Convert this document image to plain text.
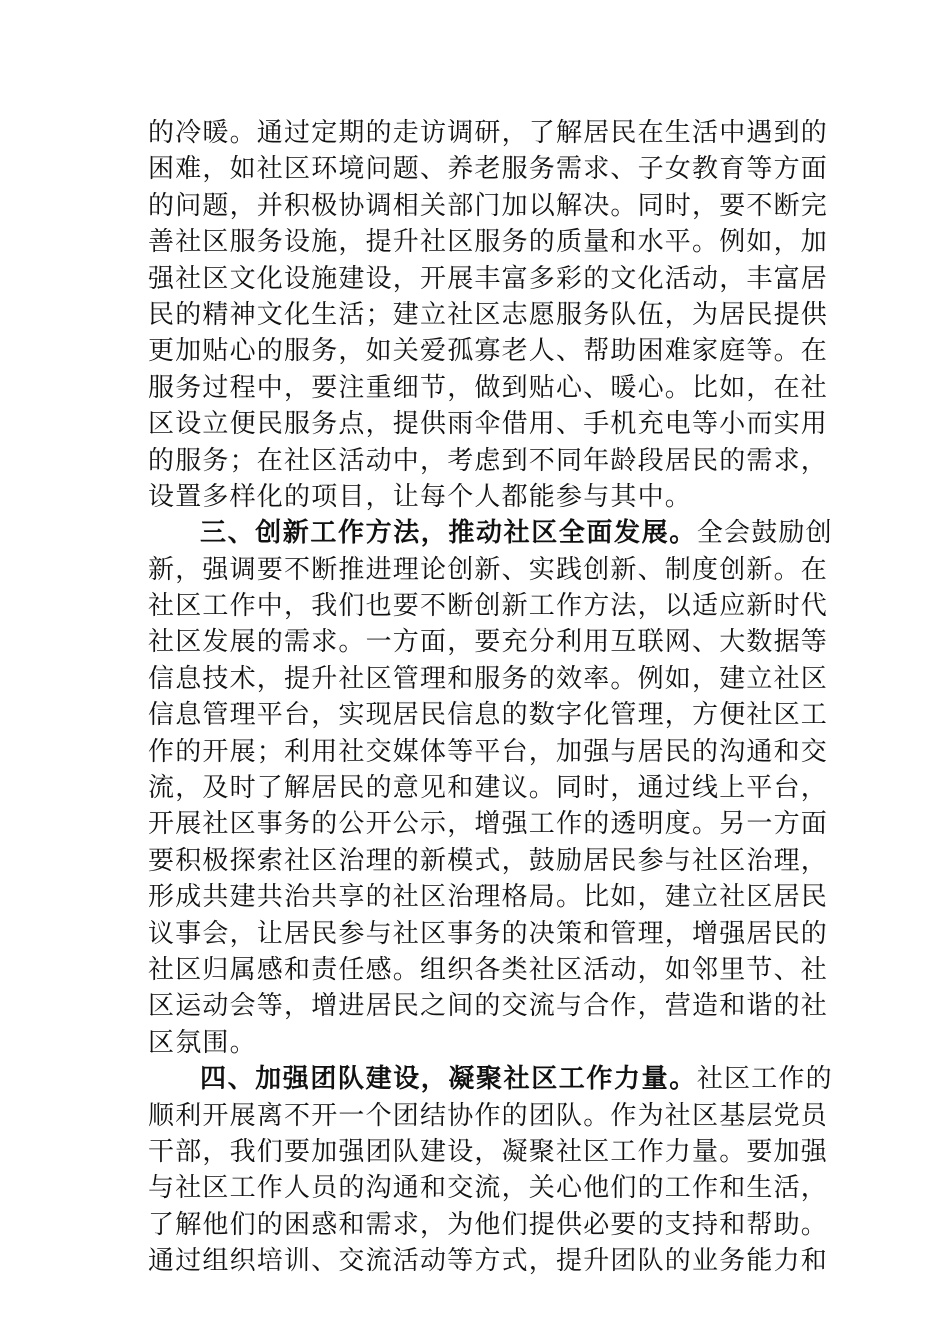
的冷暖。通过定期的走访调研，了解居民在生活中遇到的
困难，如社区环境问题、养老服务需求、子女教育等方面
的问题，并积极协调相关部门加以解决。同时，要不断完
善社区服务设施，提升社区服务的质量和水平。例如，加
强社区文化设施建设，开展丰富多彩的文化活动，丰富居
民的精神文化生活；建立社区志愿服务队伍，为居民提供
更加贴心的服务，如关爱孤寡老人、帮助困难家庭等。在
服务过程中，要注重细节，做到贴心、暖心。比如，在社
区设立便民服务点，提供雨伞借用、手机充电等小而实用
的服务；在社区活动中，考虑到不同年龄段居民的需求，
设置多样化的项目，让每个人都能参与其中。
三、创新工作方法，推动社区全面发展。全会鼓励创
新，强调要不断推进理论创新、实践创新、制度创新。在
社区工作中，我们也要不断创新工作方法，以适应新时代
社区发展的需求。一方面，要充分利用互联网、大数据等
信息技术，提升社区管理和服务的效率。例如，建立社区
信息管理平台，实现居民信息的数字化管理，方便社区工
作的开展；利用社交媒体等平台，加强与居民的沟通和交
流，及时了解居民的意见和建议。同时，通过线上平台，
开展社区事务的公开公示，增强工作的透明度。另一方面
要积极探索社区治理的新模式，鼓励居民参与社区治理，
形成共建共治共享的社区治理格局。比如，建立社区居民
议事会，让居民参与社区事务的决策和管理，增强居民的
社区归属感和责任感。组织各类社区活动，如邻里节、社
区运动会等，增进居民之间的交流与合作，营造和谐的社
区氛围。
四、加强团队建设，凝聚社区工作力量。社区工作的
顺利开展离不开一个团结协作的团队。作为社区基层党员
干部，我们要加强团队建设，凝聚社区工作力量。要加强
与社区工作人员的沟通和交流，关心他们的工作和生活，
了解他们的困惑和需求，为他们提供必要的支持和帮助。
通过组织培训、交流活动等方式，提升团队的业务能力和
